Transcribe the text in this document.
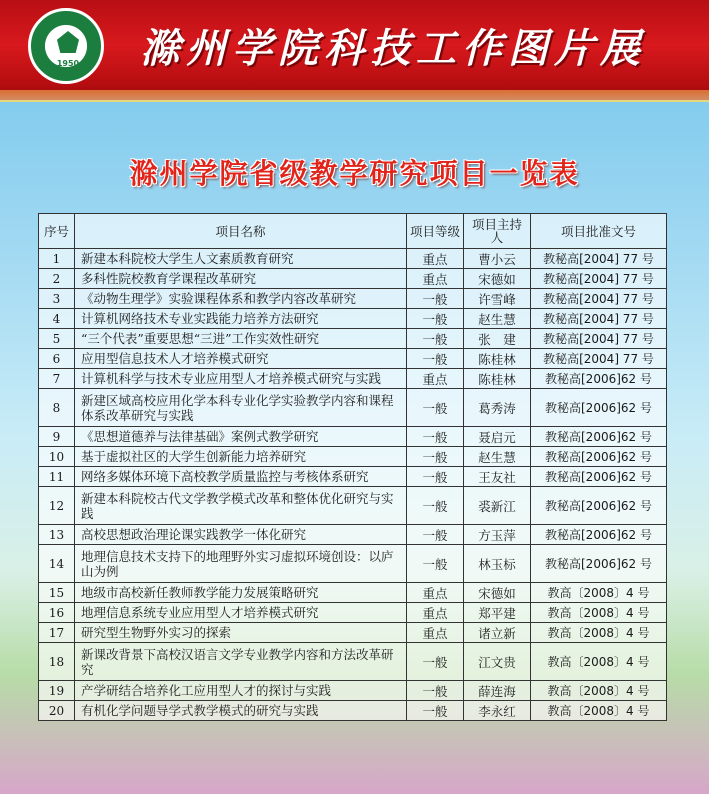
1950 滁州学院科技工作图片展
滁州学院省级教学研究项目一览表
序号	项目名称	项目等级	项目主持人	项目批准文号
1	新建本科院校大学生人文素质教育研究	重点	曹小云	教秘高[2004] 77 号
2	多科性院校教育学课程改革研究	重点	宋德如	教秘高[2004] 77 号
3	《动物生理学》实验课程体系和教学内容改革研究	一般	许雪峰	教秘高[2004] 77 号
4	计算机网络技术专业实践能力培养方法研究	一般	赵生慧	教秘高[2004] 77 号
5	“三个代表”重要思想“三进”工作实效性研究	一般	张　建	教秘高[2004] 77 号
6	应用型信息技术人才培养模式研究	一般	陈桂林	教秘高[2004] 77 号
7	计算机科学与技术专业应用型人才培养模式研究与实践	重点	陈桂林	教秘高[2006]62 号
8	新建区域高校应用化学本科专业化学实验教学内容和课程体系改革研究与实践	一般	葛秀涛	教秘高[2006]62 号
9	《思想道德养与法律基础》案例式教学研究	一般	聂启元	教秘高[2006]62 号
10	基于虚拟社区的大学生创新能力培养研究	一般	赵生慧	教秘高[2006]62 号
11	网络多媒体环境下高校教学质量监控与考核体系研究	一般	王友社	教秘高[2006]62 号
12	新建本科院校古代文学教学模式改革和整体优化研究与实践	一般	裘新江	教秘高[2006]62 号
13	高校思想政治理论课实践教学一体化研究	一般	方玉萍	教秘高[2006]62 号
14	地理信息技术支持下的地理野外实习虚拟环境创设：以庐山为例	一般	林玉标	教秘高[2006]62 号
15	地级市高校新任教师教学能力发展策略研究	重点	宋德如	教高〔2008〕4 号
16	地理信息系统专业应用型人才培养模式研究	重点	郑平建	教高〔2008〕4 号
17	研究型生物野外实习的探索	重点	诸立新	教高〔2008〕4 号
18	新课改背景下高校汉语言文学专业教学内容和方法改革研究	一般	江文贵	教高〔2008〕4 号
19	产学研结合培养化工应用型人才的探讨与实践	一般	薛连海	教高〔2008〕4 号
20	有机化学问题导学式教学模式的研究与实践	一般	李永红	教高〔2008〕4 号
